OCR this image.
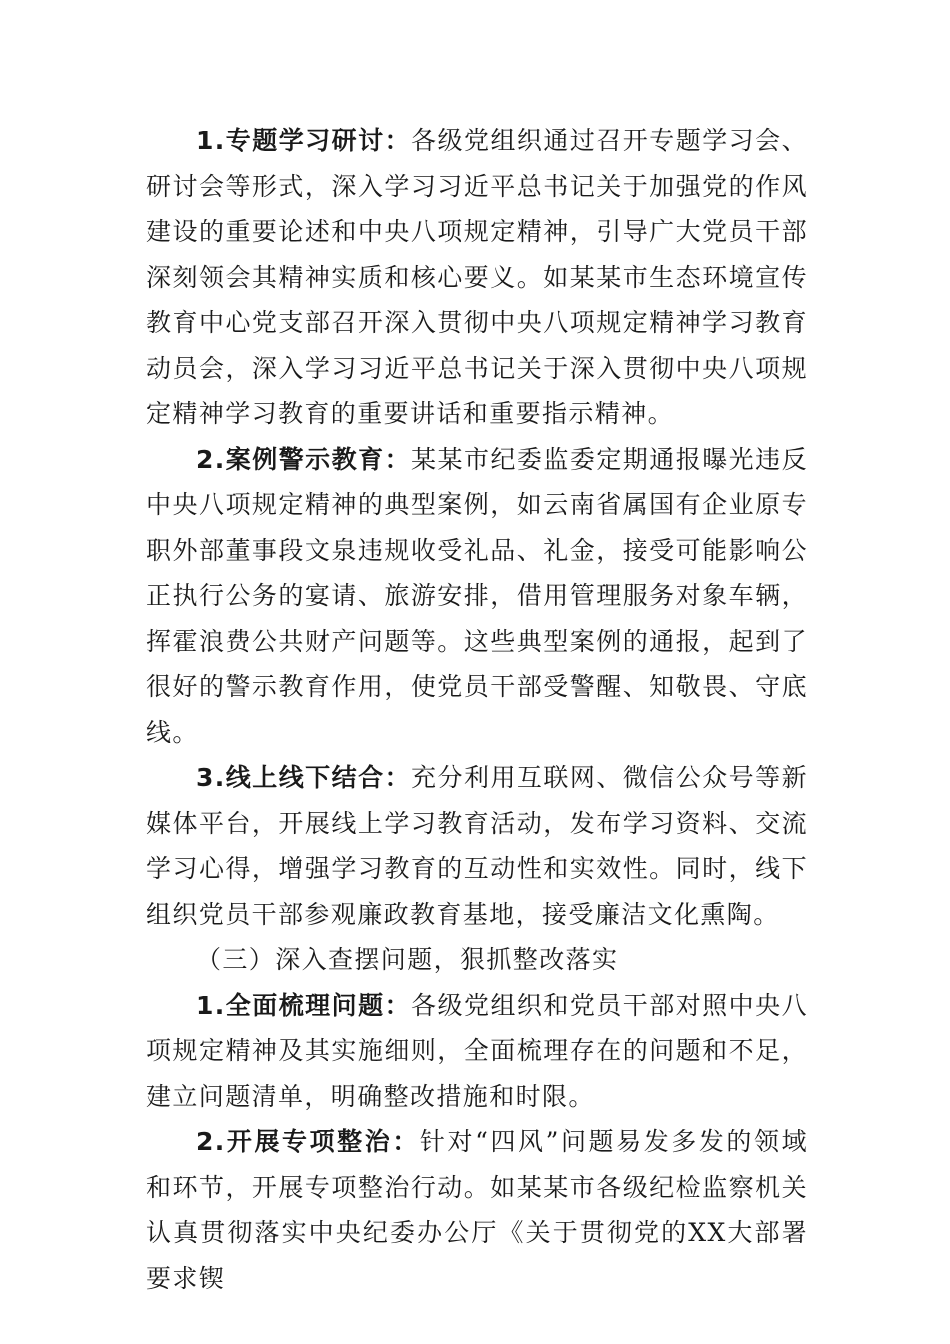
1.专题学习研讨：各级党组织通过召开专题学习会、研讨会等形式，深入学习习近平总书记关于加强党的作风建设的重要论述和中央八项规定精神，引导广大党员干部深刻领会其精神实质和核心要义。如某某市生态环境宣传教育中心党支部召开深入贯彻中央八项规定精神学习教育动员会，深入学习习近平总书记关于深入贯彻中央八项规定精神学习教育的重要讲话和重要指示精神。

2.案例警示教育：某某市纪委监委定期通报曝光违反中央八项规定精神的典型案例，如云南省属国有企业原专职外部董事段文泉违规收受礼品、礼金，接受可能影响公正执行公务的宴请、旅游安排，借用管理服务对象车辆，挥霍浪费公共财产问题等。这些典型案例的通报，起到了很好的警示教育作用，使党员干部受警醒、知敬畏、守底线。

3.线上线下结合：充分利用互联网、微信公众号等新媒体平台，开展线上学习教育活动，发布学习资料、交流学习心得，增强学习教育的互动性和实效性。同时，线下组织党员干部参观廉政教育基地，接受廉洁文化熏陶。

（三）深入查摆问题，狠抓整改落实

1.全面梳理问题：各级党组织和党员干部对照中央八项规定精神及其实施细则，全面梳理存在的问题和不足，建立问题清单，明确整改措施和时限。

2.开展专项整治：针对“四风”问题易发多发的领域和环节，开展专项整治行动。如某某市各级纪检监察机关认真贯彻落实中央纪委办公厅《关于贯彻党的XX大部署要求锲
